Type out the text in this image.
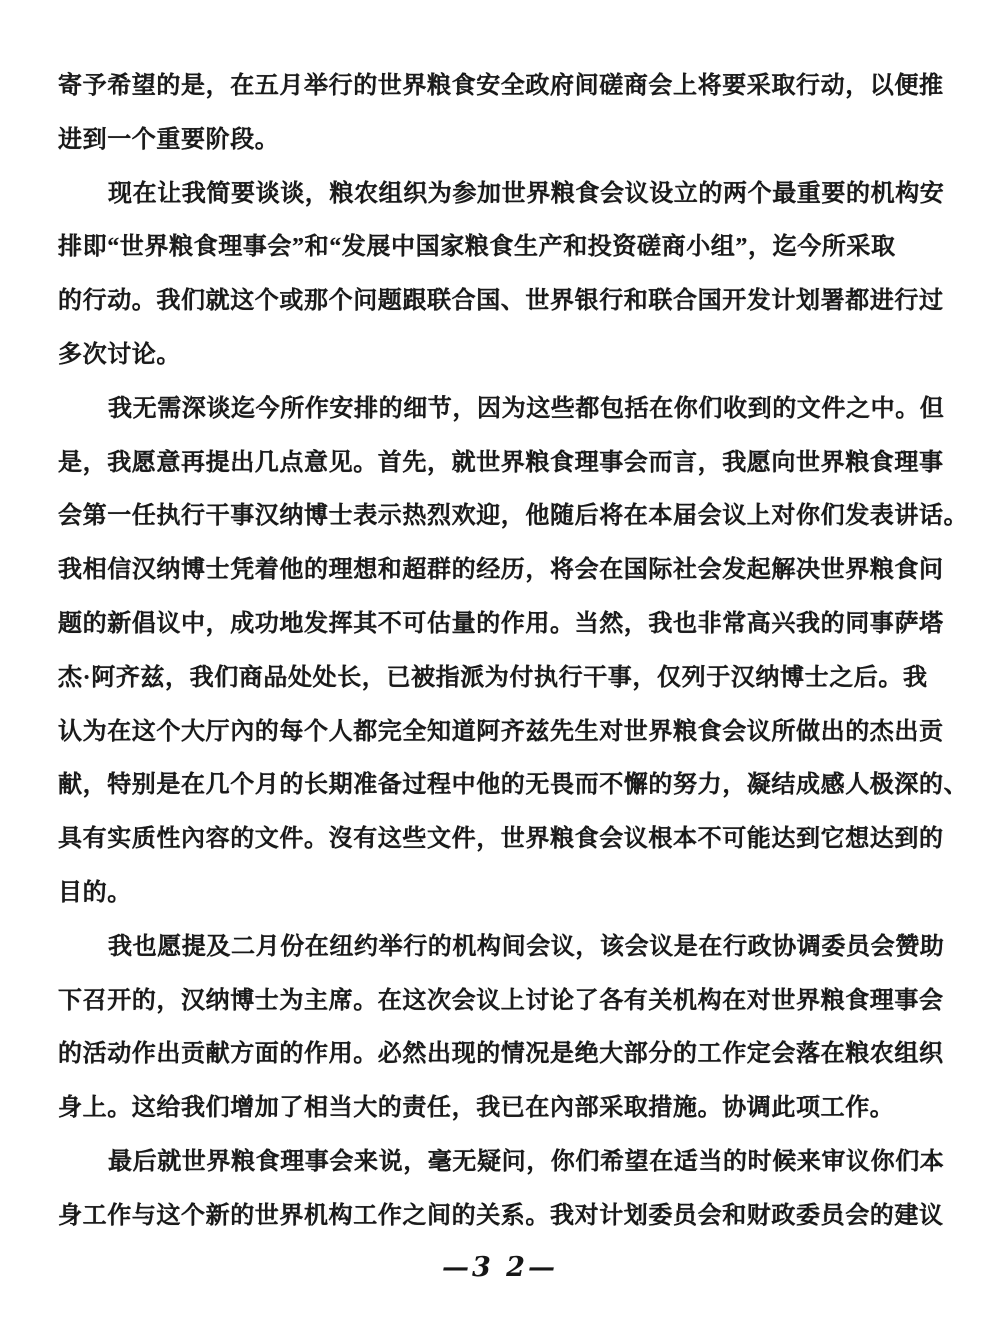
寄予希望的是，在五月举行的世界粮食安全政府间磋商会上将要采取行动，以便推
进到一个重要阶段。
现在让我简要谈谈，粮农组织为参加世界粮食会议设立的两个最重要的机构安
排即“世界粮食理事会”和“发展中国家粮食生产和投资磋商小组”，迄今所采取
的行动。我们就这个或那个问题跟联合国、世界银行和联合国开发计划署都进行过
多次讨论。
我无需深谈迄今所作安排的细节，因为这些都包括在你们收到的文件之中。但
是，我愿意再提出几点意见。首先，就世界粮食理事会而言，我愿向世界粮食理事
会第一任执行干事汉纳博士表示热烈欢迎，他随后将在本届会议上对你们发表讲话。
我相信汉纳博士凭着他的理想和超群的经历，将会在国际社会发起解决世界粮食问
题的新倡议中，成功地发挥其不可估量的作用。当然，我也非常高兴我的同事萨塔
杰·阿齐兹，我们商品处处长，已被指派为付执行干事，仅列于汉纳博士之后。我
认为在这个大厅內的每个人都完全知道阿齐兹先生对世界粮食会议所做出的杰出贡
献，特别是在几个月的长期准备过程中他的无畏而不懈的努力，凝结成感人极深的、
具有实质性內容的文件。沒有这些文件，世界粮食会议根本不可能达到它想达到的
目的。
我也愿提及二月份在纽约举行的机构间会议，该会议是在行政协调委员会赞助
下召开的，汉纳博士为主席。在这次会议上讨论了各有关机构在对世界粮食理事会
的活动作出贡献方面的作用。必然出现的情况是绝大部分的工作定会落在粮农组织
身上。这给我们增加了相当大的责任，我已在內部采取措施。协调此项工作。
最后就世界粮食理事会来说，毫无疑问，你们希望在适当的时候来审议你们本
身工作与这个新的世界机构工作之间的关系。我对计划委员会和财政委员会的建议
—3 2—
